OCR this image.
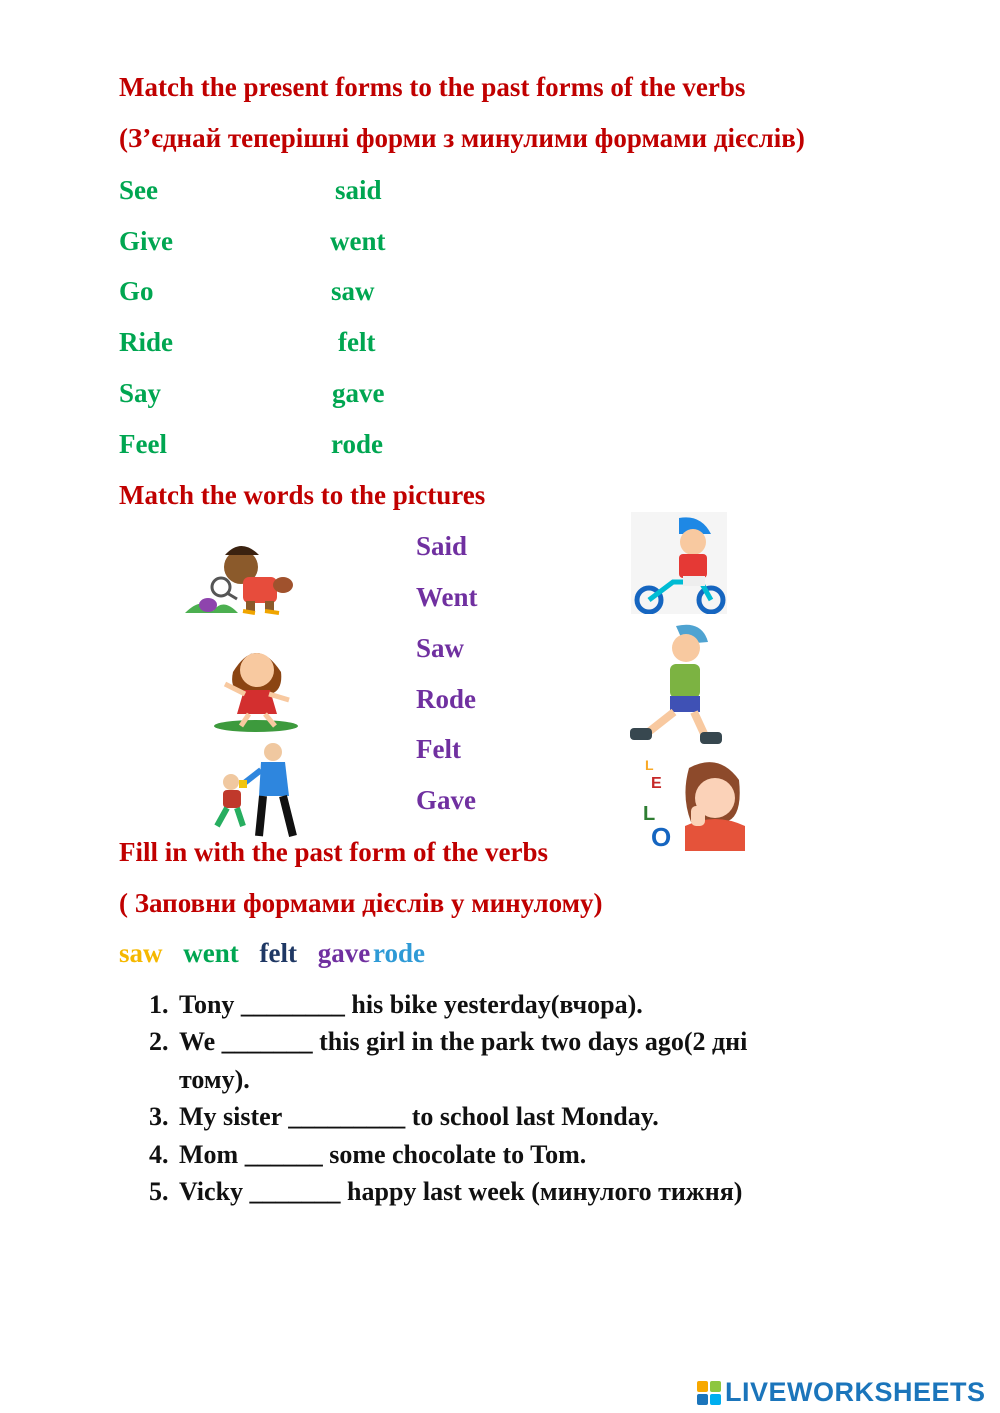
Match the present forms to the past forms of the verbs
(З’єднай теперішні форми з минулими формами дієслів)
See	said
Give	went
Go	saw
Ride	felt
Say	gave
Feel	rode
Match the words to the pictures
Said
Went
Saw
Rode
Felt
Gave	L
E
L
O
Fill in with the past form of the verbs
( Заповни формами дієслів у минулому)
saw went felt gave rode
1. Tony ________ his bike yesterday(вчора).
2. We _______ this girl in the park two days ago(2 дні
тому).
3. My sister _________ to school last Monday.
4. Mom ______ some chocolate to Tom.
5. Vicky _______ happy last week (минулого тижня)
LIVEWORKSHEETS
